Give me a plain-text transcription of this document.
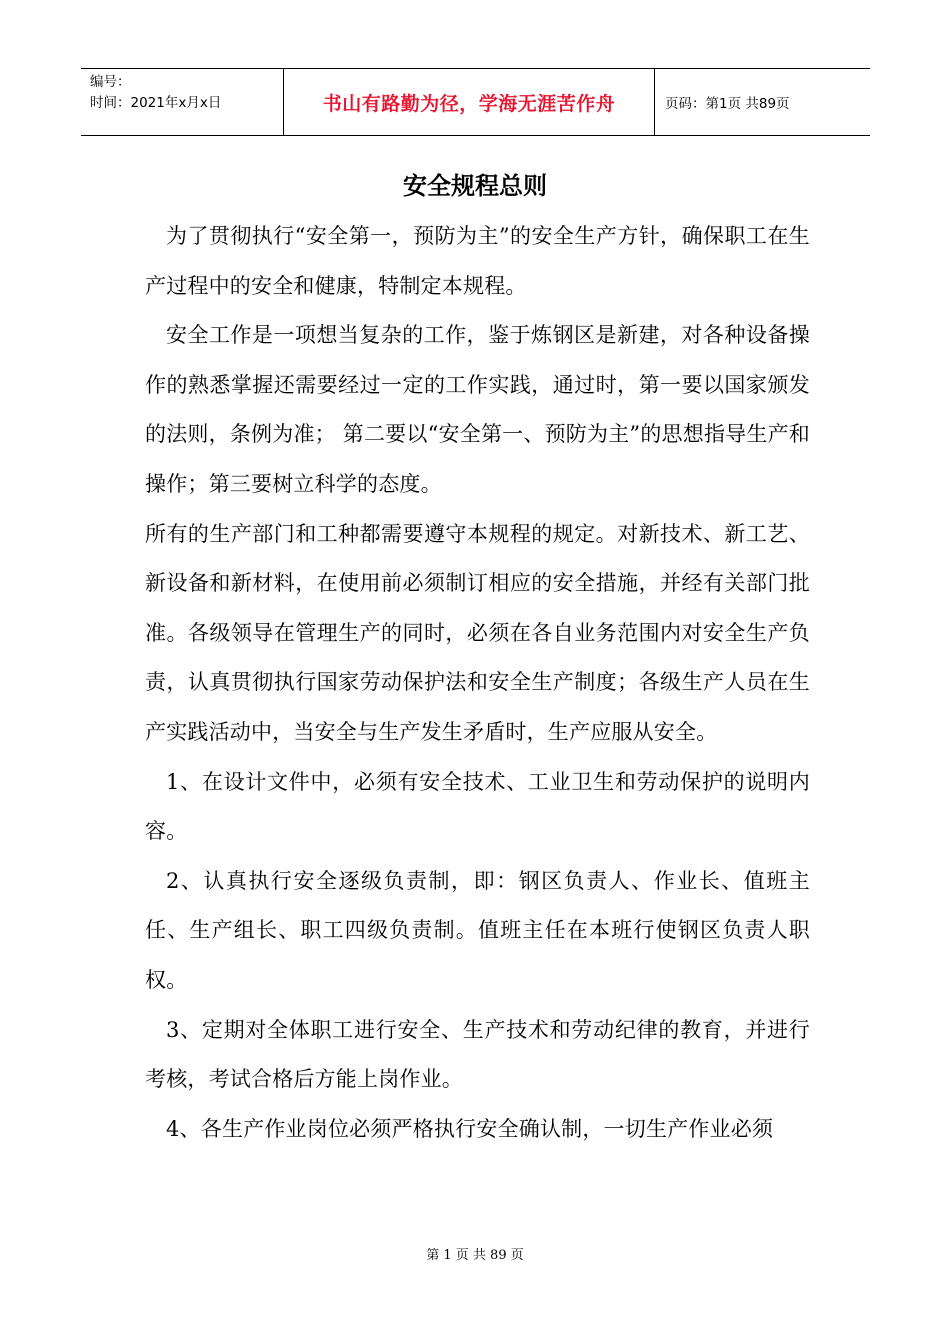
编号：
时间：2021年x月x日	书山有路勤为径，学海无涯苦作舟	页码：第1页 共89页
安全规程总则

为了贯彻执行“安全第一，预防为主”的安全生产方针，确保职工在生产过程中的安全和健康，特制定本规程。

安全工作是一项想当复杂的工作，鉴于炼钢区是新建，对各种设备操作的熟悉掌握还需要经过一定的工作实践，通过时，第一要以国家颁发的法则，条例为准； 第二要以“安全第一、预防为主”的思想指导生产和操作；第三要树立科学的态度。

所有的生产部门和工种都需要遵守本规程的规定。对新技术、新工艺、新设备和新材料，在使用前必须制订相应的安全措施，并经有关部门批准。各级领导在管理生产的同时，必须在各自业务范围内对安全生产负责，认真贯彻执行国家劳动保护法和安全生产制度；各级生产人员在生产实践活动中，当安全与生产发生矛盾时，生产应服从安全。

1、在设计文件中，必须有安全技术、工业卫生和劳动保护的说明内容。

2、认真执行安全逐级负责制，即：钢区负责人、作业长、值班主任、生产组长、职工四级负责制。值班主任在本班行使钢区负责人职权。

3、定期对全体职工进行安全、生产技术和劳动纪律的教育，并进行考核，考试合格后方能上岗作业。

4、各生产作业岗位必须严格执行安全确认制，一切生产作业必须

第 1 页 共 89 页
